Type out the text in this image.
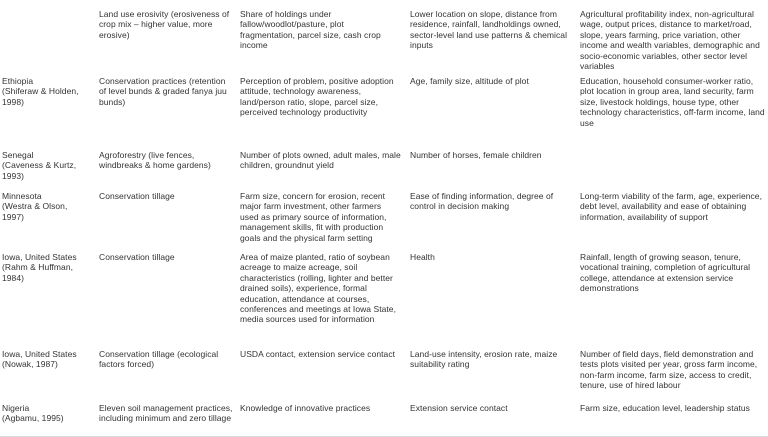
	Land use erosivity (erosiveness of crop mix – higher value, more erosive)	Share of holdings under fallow/woodlot/pasture, plot fragmentation, parcel size, cash crop income	Lower location on slope, distance from residence, rainfall, landholdings owned, sector-level land use patterns & chemical inputs	Agricultural profitability index, non-agricultural wage, output prices, distance to market/road, slope, years farming, price variation, other income and wealth variables, demographic and socio-economic variables, other sector level variables

Ethiopia
(Shiferaw & Holden, 1998)	Conservation practices (retention of level bunds & graded fanya juu bunds)	Perception of problem, positive adoption attitude, technology awareness, land/person ratio, slope, parcel size, perceived technology productivity	Age, family size, altitude of plot	Education, household consumer-worker ratio, plot location in group area, land security, farm size, livestock holdings, house type, other technology characteristics, off-farm income, land use

Senegal
(Caveness & Kurtz, 1993)	Agroforestry (live fences, windbreaks & home gardens)	Number of plots owned, adult males, male children, groundnut yield	Number of horses, female children	

Minnesota
(Westra & Olson, 1997)	Conservation tillage	Farm size, concern for erosion, recent major farm investment, other farmers used as primary source of information, management skills, fit with production goals and the physical farm setting	Ease of finding information, degree of control in decision making	Long-term viability of the farm, age, experience, debt level, availability and ease of obtaining information, availability of support

Iowa, United States
(Rahm & Huffman, 1984)	Conservation tillage	Area of maize planted, ratio of soybean acreage to maize acreage, soil characteristics (rolling, lighter and better drained soils), experience, formal education, attendance at courses, conferences and meetings at Iowa State, media sources used for information	Health	Rainfall, length of growing season, tenure, vocational training, completion of agricultural college, attendance at extension service demonstrations

Iowa, United States
(Nowak, 1987)	Conservation tillage (ecological factors forced)	USDA contact, extension service contact	Land-use intensity, erosion rate, maize suitability rating	Number of field days, field demonstration and tests plots visited per year, gross farm income, non-farm income, farm size, access to credit, tenure, use of hired labour

Nigeria
(Agbamu, 1995)	Eleven soil management practices, including minimum and zero tillage	Knowledge of innovative practices	Extension service contact	Farm size, education level, leadership status
